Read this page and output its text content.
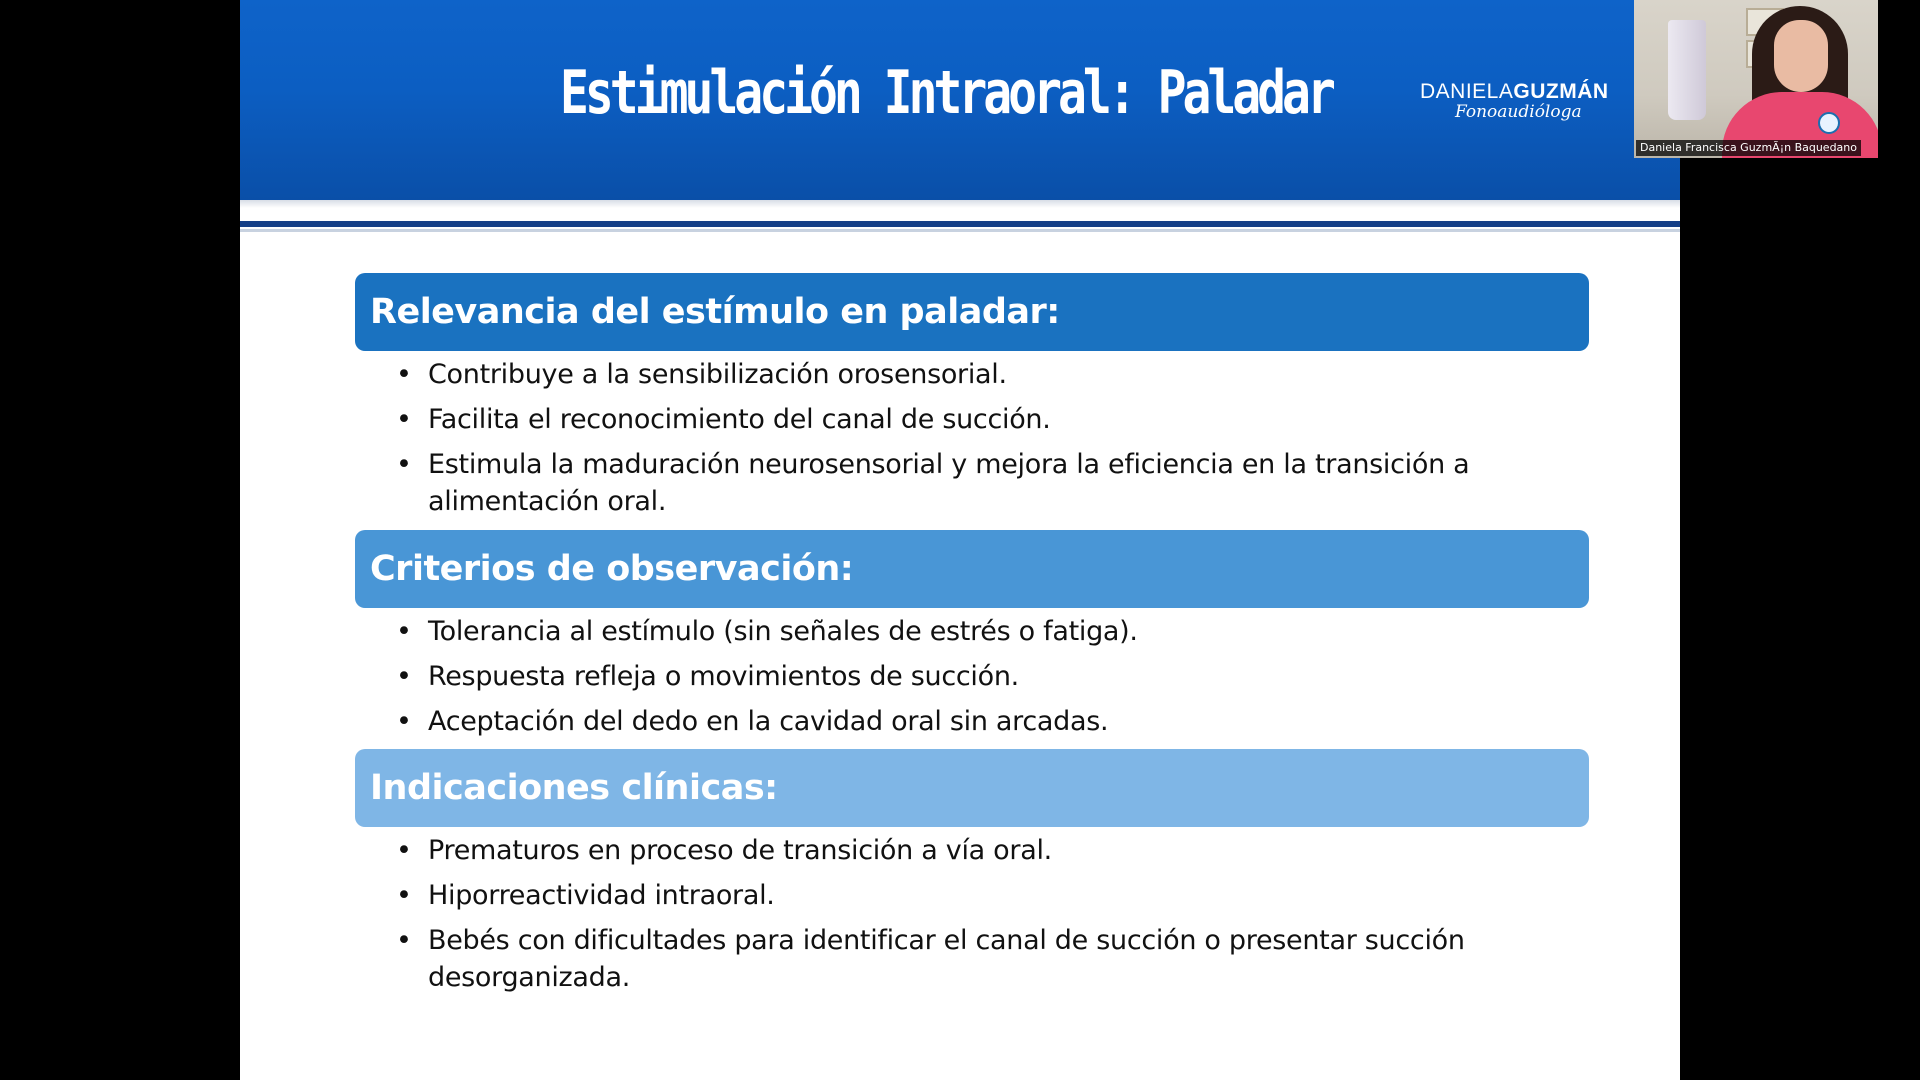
Estimulación Intraoral: Paladar	DANIELAGUZMÁN
Fonoaudióloga
Relevancia del estímulo en paladar:
• Contribuye a la sensibilización orosensorial.
• Facilita el reconocimiento del canal de succión.
• Estimula la maduración neurosensorial y mejora la eficiencia en la transición a alimentación oral.
Criterios de observación:
• Tolerancia al estímulo (sin señales de estrés o fatiga).
• Respuesta refleja o movimientos de succión.
• Aceptación del dedo en la cavidad oral sin arcadas.
Indicaciones clínicas:
• Prematuros en proceso de transición a vía oral.
• Hiporreactividad intraoral.
• Bebés con dificultades para identificar el canal de succión o presentar succión desorganizada.
Daniela Francisca GuzmÃ¡n Baquedano
